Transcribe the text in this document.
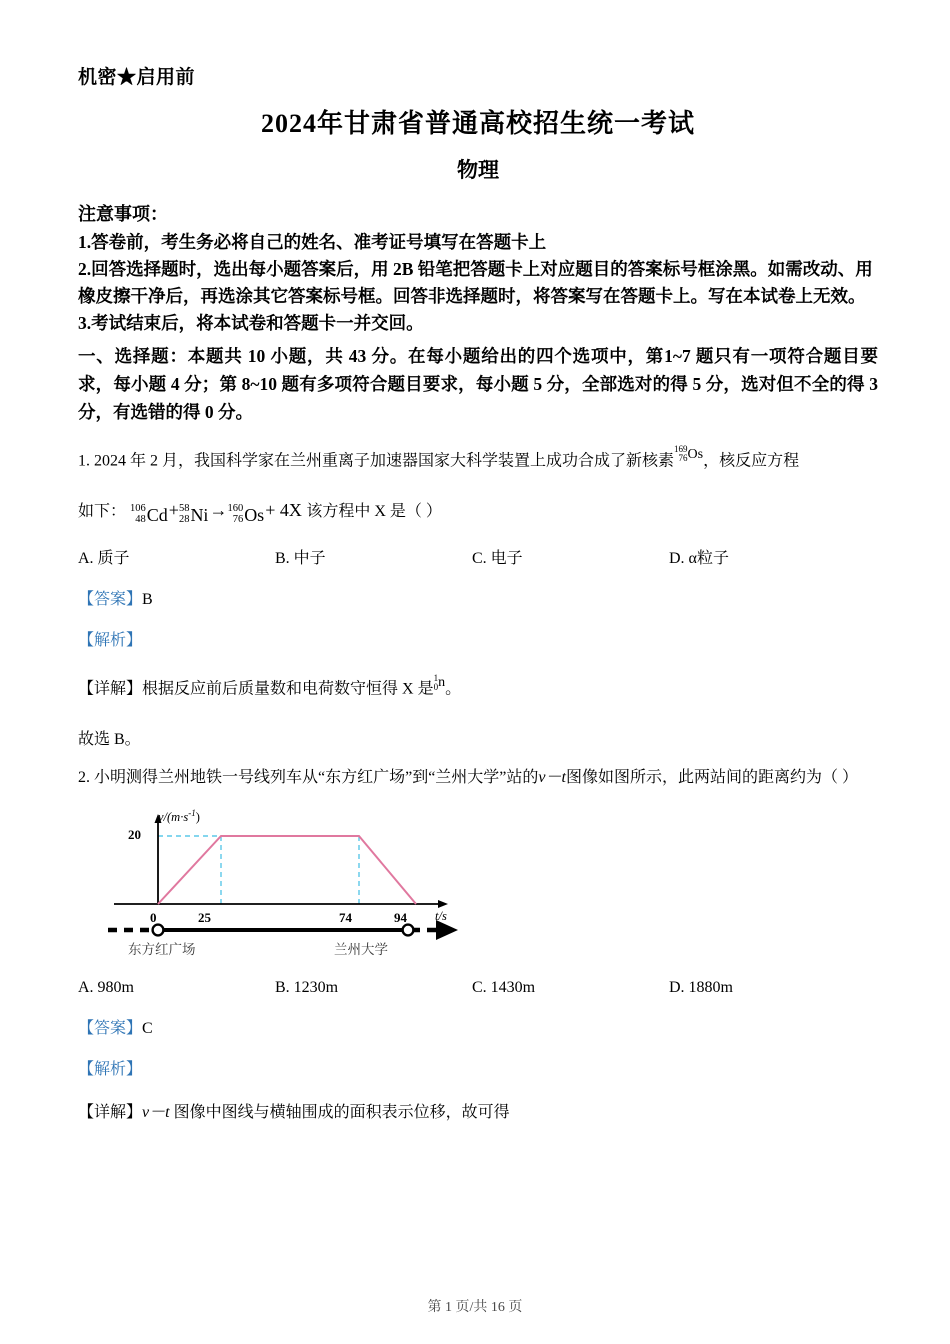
机密★启用前
2024年甘肃省普通高校招生统一考试
物理
注意事项：
1.答卷前，考生务必将自己的姓名、准考证号填写在答题卡上
2.回答选择题时，选出每小题答案后，用 2B 铅笔把答题卡上对应题目的答案标号框涂黑。如需改动、用橡皮擦干净后，再选涂其它答案标号框。回答非选择题时，将答案写在答题卡上。写在本试卷上无效。
3.考试结束后，将本试卷和答题卡一并交回。
一、选择题：本题共 10 小题，共 43 分。在每小题给出的四个选项中，第1~7 题只有一项符合题目要求，每小题 4 分；第 8~10 题有多项符合题目要求，每小题 5 分，全部选对的得 5 分，选对但不全的得 3 分，有选错的得 0 分。
1. 2024 年 2 月，我国科学家在兰州重离子加速器国家大科学装置上成功合成了新核素
169
76 Os，核反应方程
如下： 106
48 Cd+ 58
28 Ni→ 160
76 Os+ 4X 该方程中 X 是（ ）
A. 质子	B. 中子	C. 电子	D. α粒子
【答案】B
【解析】
【详解】根据反应前后质量数和电荷数守恒得 X 是
1
0 n。
故选 B。
2. 小明测得兰州地铁一号线列车从“东方红广场”到“兰州大学”站的v－t图像如图所示，此两站间的距离约为（ ）
$v/(m\cdot s^{-1})$
20
0	25	74	94 t/s
东方红广场	兰州大学
A. 980m	B. 1230m	C. 1430m	D. 1880m
【答案】C
【解析】
【详解】v－t 图像中图线与横轴围成的面积表示位移，故可得
第 1 页/共 16 页
